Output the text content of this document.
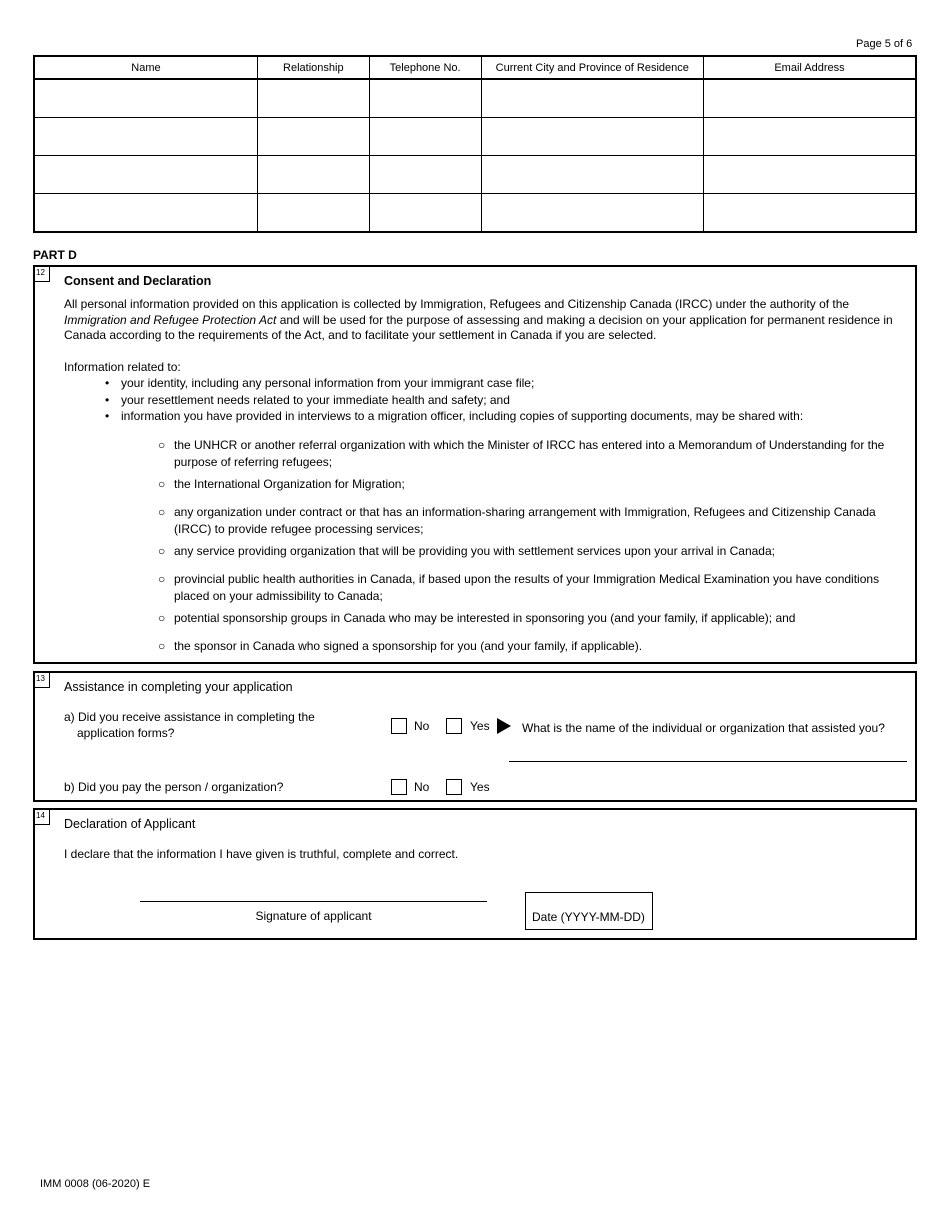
Page 5 of 6
Name	Relationship	Telephone No.	Current City and Province of Residence	Email Address

PART D
12
Consent and Declaration
All personal information provided on this application is collected by Immigration, Refugees and Citizenship Canada (IRCC) under the authority of the Immigration and Refugee Protection Act and will be used for the purpose of assessing and making a decision on your application for permanent residence in Canada according to the requirements of the Act, and to facilitate your settlement in Canada if you are selected.
Information related to:
• your identity, including any personal information from your immigrant case file;
• your resettlement needs related to your immediate health and safety; and
• information you have provided in interviews to a migration officer, including copies of supporting documents, may be shared with:
○ the UNHCR or another referral organization with which the Minister of IRCC has entered into a Memorandum of Understanding for the purpose of referring refugees;
○ the International Organization for Migration;
○ any organization under contract or that has an information-sharing arrangement with Immigration, Refugees and Citizenship Canada (IRCC) to provide refugee processing services;
○ any service providing organization that will be providing you with settlement services upon your arrival in Canada;
○ provincial public health authorities in Canada, if based upon the results of your Immigration Medical Examination you have conditions placed on your admissibility to Canada;
○ potential sponsorship groups in Canada who may be interested in sponsoring you (and your family, if applicable); and
○ the sponsor in Canada who signed a sponsorship for you (and your family, if applicable).
13
Assistance in completing your application
a) Did you receive assistance in completing the
application forms?	No	Yes	What is the name of the individual or organization that assisted you?
b) Did you pay the person / organization?	No	Yes
14
Declaration of Applicant
I declare that the information I have given is truthful, complete and correct.
Signature of applicant	Date (YYYY-MM-DD)
IMM 0008 (06-2020) E
